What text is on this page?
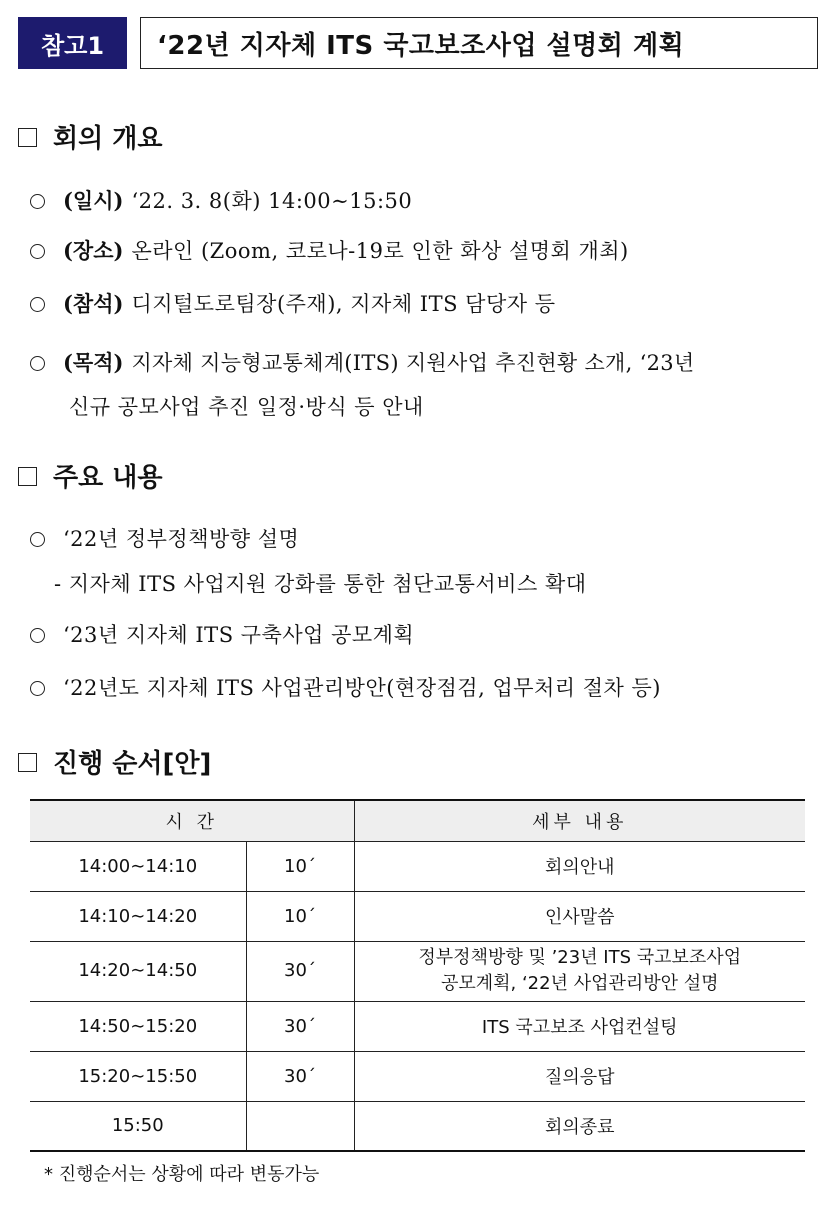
참고1	‘22년 지자체 ITS 국고보조사업 설명회 계획
회의 개요
(일시) ‘22. 3. 8(화) 14:00∼15:50
(장소) 온라인 (Zoom, 코로나-19로 인한 화상 설명회 개최)
(참석) 디지털도로팀장(주재), 지자체 ITS 담당자 등
(목적) 지자체 지능형교통체계(ITS) 지원사업 추진현황 소개, ‘23년
신규 공모사업 추진 일정·방식 등 안내
주요 내용
‘22년 정부정책방향 설명
- 지자체 ITS 사업지원 강화를 통한 첨단교통서비스 확대
‘23년 지자체 ITS 구축사업 공모계획
‘22년도 지자체 ITS 사업관리방안(현장점검, 업무처리 절차 등)
진행 순서[안]
시 간		세부 내용
14:00∼14:10	10´	회의안내
14:10∼14:20	10´	인사말씀
14:20∼14:50	30´	정부정책방향 및 ’23년 ITS 국고보조사업
공모계획, ‘22년 사업관리방안 설명

14:50∼15:20	30´	ITS 국고보조 사업컨설팅
15:20∼15:50	30´	질의응답
15:50		회의종료
* 진행순서는 상황에 따라 변동가능
